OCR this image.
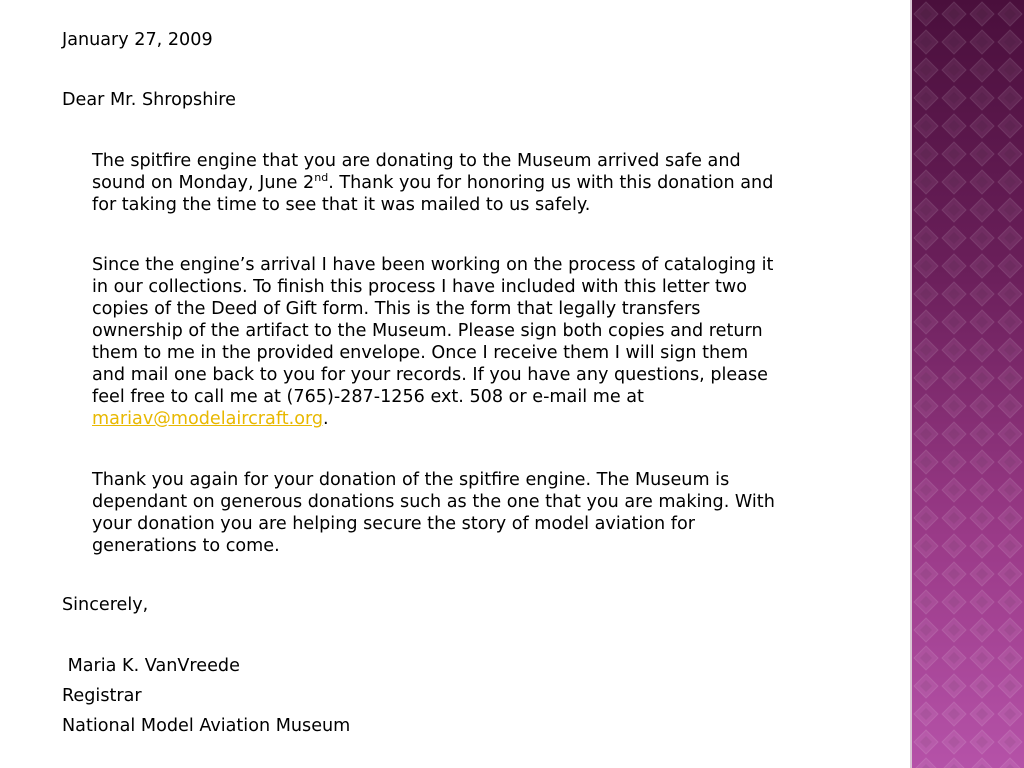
January 27, 2009
Dear Mr. Shropshire
The spitfire engine that you are donating to the Museum arrived safe and
sound on Monday, June 2nd. Thank you for honoring us with this donation and
for taking the time to see that it was mailed to us safely.
Since the engine’s arrival I have been working on the process of cataloging it
in our collections. To finish this process I have included with this letter two
copies of the Deed of Gift form. This is the form that legally transfers
ownership of the artifact to the Museum. Please sign both copies and return
them to me in the provided envelope. Once I receive them I will sign them
and mail one back to you for your records. If you have any questions, please
feel free to call me at (765)-287-1256 ext. 508 or e-mail me at
mariav@modelaircraft.org.
Thank you again for your donation of the spitfire engine. The Museum is
dependant on generous donations such as the one that you are making. With
your donation you are helping secure the story of model aviation for
generations to come.
Sincerely,
Maria K. VanVreede
Registrar
National Model Aviation Museum
